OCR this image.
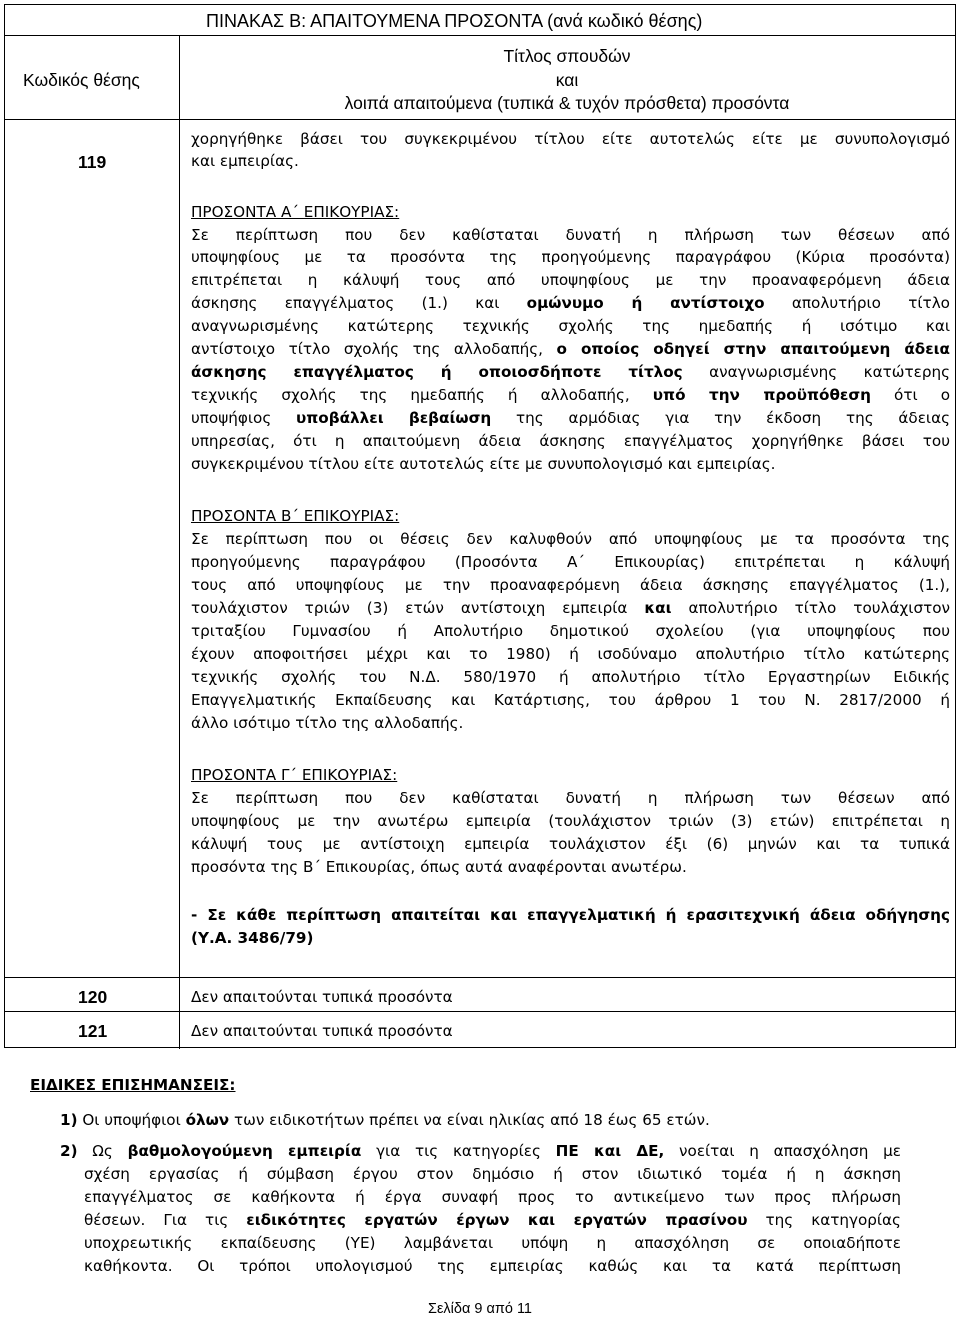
ΠΙΝΑΚΑΣ Β: ΑΠΑΙΤΟΥΜΕΝΑ ΠΡΟΣΟΝΤΑ (ανά κωδικό θέσης)
Κωδικός θέσης
Τίτλος σπουδών
και
λοιπά απαιτούμενα (τυπικά & τυχόν πρόσθετα) προσόντα
119
χορηγήθηκε βάσει του συγκεκριμένου τίτλου είτε αυτοτελώς είτε με συνυπολογισμό
και εμπειρίας.
ΠΡΟΣΟΝΤΑ Α΄ ΕΠΙΚΟΥΡΙΑΣ:
Σε περίπτωση που δεν καθίσταται δυνατή η πλήρωση των θέσεων από
υποψηφίους με τα προσόντα της προηγούμενης παραγράφου (Κύρια προσόντα)
επιτρέπεται η κάλυψή τους από υποψηφίους με την προαναφερόμενη άδεια
άσκησης επαγγέλματος (1.) και ομώνυμο ή αντίστοιχο απολυτήριο τίτλο
αναγνωρισμένης κατώτερης τεχνικής σχολής της ημεδαπής ή ισότιμο και
αντίστοιχο τίτλο σχολής της αλλοδαπής, ο οποίος οδηγεί στην απαιτούμενη άδεια
άσκησης επαγγέλματος ή οποιοσδήποτε τίτλος αναγνωρισμένης κατώτερης
τεχνικής σχολής της ημεδαπής ή αλλοδαπής, υπό την προϋπόθεση ότι ο
υποψήφιος υποβάλλει βεβαίωση της αρμόδιας για την έκδοση της άδειας
υπηρεσίας, ότι η απαιτούμενη άδεια άσκησης επαγγέλματος χορηγήθηκε βάσει του
συγκεκριμένου τίτλου είτε αυτοτελώς είτε με συνυπολογισμό και εμπειρίας.
ΠΡΟΣΟΝΤΑ Β΄ ΕΠΙΚΟΥΡΙΑΣ:
Σε περίπτωση που οι θέσεις δεν καλυφθούν από υποψηφίους με τα προσόντα της
προηγούμενης παραγράφου (Προσόντα Α΄ Επικουρίας) επιτρέπεται η κάλυψή
τους από υποψηφίους με την προαναφερόμενη άδεια άσκησης επαγγέλματος (1.),
τουλάχιστον τριών (3) ετών αντίστοιχη εμπειρία και απολυτήριο τίτλο τουλάχιστον
τριταξίου Γυμνασίου ή Απολυτήριο δημοτικού σχολείου (για υποψηφίους που
έχουν αποφοιτήσει μέχρι και το 1980) ή ισοδύναμο απολυτήριο τίτλο κατώτερης
τεχνικής σχολής του Ν.Δ. 580/1970 ή απολυτήριο τίτλο Εργαστηρίων Ειδικής
Επαγγελματικής Εκπαίδευσης και Κατάρτισης, του άρθρου 1 του Ν. 2817/2000 ή
άλλο ισότιμο τίτλο της αλλοδαπής.
ΠΡΟΣΟΝΤΑ Γ΄ ΕΠΙΚΟΥΡΙΑΣ:
Σε περίπτωση που δεν καθίσταται δυνατή η πλήρωση των θέσεων από
υποψηφίους με την ανωτέρω εμπειρία (τουλάχιστον τριών (3) ετών) επιτρέπεται η
κάλυψή τους με αντίστοιχη εμπειρία τουλάχιστον έξι (6) μηνών και τα τυπικά
προσόντα της Β΄ Επικουρίας, όπως αυτά αναφέρονται ανωτέρω.
- Σε κάθε περίπτωση απαιτείται και επαγγελματική ή ερασιτεχνική άδεια οδήγησης
(Υ.Α. 3486/79)
120	Δεν απαιτούνται τυπικά προσόντα
121	Δεν απαιτούνται τυπικά προσόντα
ΕΙΔΙΚΕΣ ΕΠΙΣΗΜΑΝΣΕΙΣ:
1) Οι υποψήφιοι όλων των ειδικοτήτων πρέπει να είναι ηλικίας από 18 έως 65 ετών.
2) Ως βαθμολογούμενη εμπειρία για τις κατηγορίες ΠΕ και ΔΕ, νοείται η απασχόληση με
σχέση εργασίας ή σύμβαση έργου στον δημόσιο ή στον ιδιωτικό τομέα ή η άσκηση
επαγγέλματος σε καθήκοντα ή έργα συναφή προς το αντικείμενο των προς πλήρωση
θέσεων. Για τις ειδικότητες εργατών έργων και εργατών πρασίνου της κατηγορίας
υποχρεωτικής εκπαίδευσης (ΥΕ) λαμβάνεται υπόψη η απασχόληση σε οποιαδήποτε
καθήκοντα. Οι τρόποι υπολογισμού της εμπειρίας καθώς και τα κατά περίπτωση
Σελίδα 9 από 11
